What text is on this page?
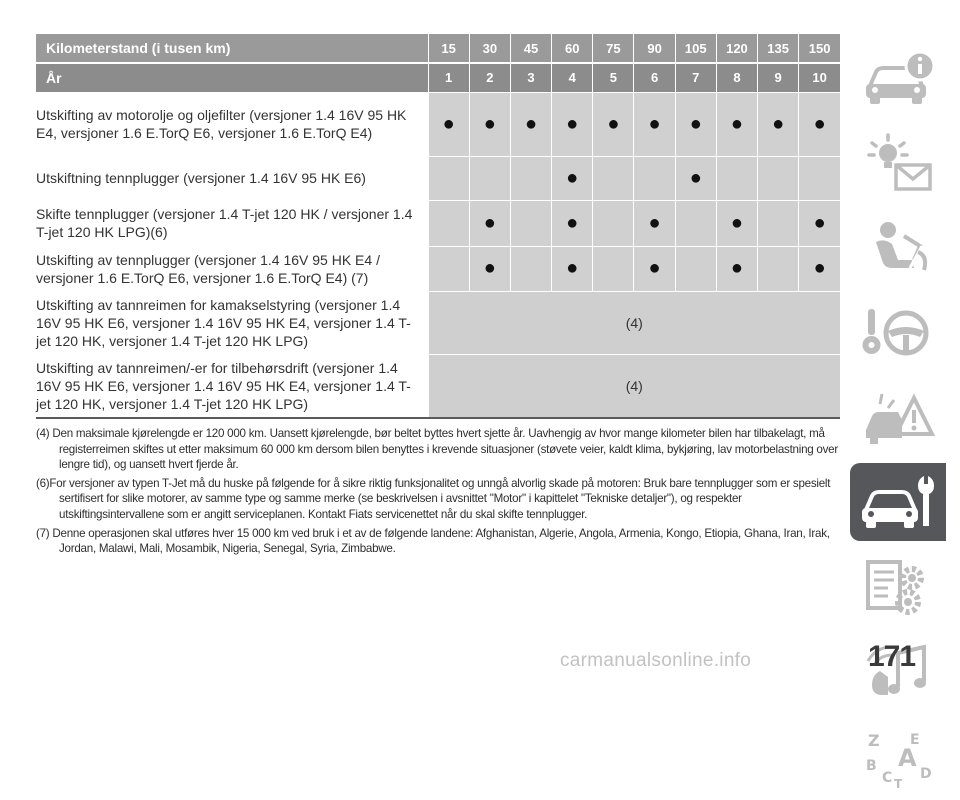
Kilometerstand (i tusen km)	15	30	45	60	75	90	105	120	135	150
År	1	2	3	4	5	6	7	8	9	10
Utskifting av motorolje og oljefilter (versjoner 1.4 16V 95 HK E4, versjoner 1.6 E.TorQ E6, versjoner 1.6 E.TorQ E4)	●	●	●	●	●	●	●	●	●	●
Utskiftning tennplugger (versjoner 1.4 16V 95 HK E6)				●			●			
Skifte tennplugger (versjoner 1.4 T-jet 120 HK / versjoner 1.4 T-jet 120 HK LPG)(6)		●		●		●		●		●
Utskifting av tennplugger (versjoner 1.4 16V 95 HK E4 / versjoner 1.6 E.TorQ E6, versjoner 1.6 E.TorQ E4) (7)		●		●		●		●		●
Utskifting av tannreimen for kamakselstyring (versjoner 1.4 16V 95 HK E6, versjoner 1.4 16V 95 HK E4, versjoner 1.4 T-jet 120 HK, versjoner 1.4 T-jet 120 HK LPG)	(4)									
Utskifting av tannreimen/-er for tilbehørsdrift (versjoner 1.4 16V 95 HK E6, versjoner 1.4 16V 95 HK E4, versjoner 1.4 T-jet 120 HK, versjoner 1.4 T-jet 120 HK LPG)	(4)									

(4) Den maksimale kjørelengde er 120 000 km. Uansett kjørelengde, bør beltet byttes hvert sjette år. Uavhengig av hvor mange kilometer bilen har tilbakelagt, må registerreimen skiftes ut etter maksimum 60 000 km dersom bilen benyttes i krevende situasjoner (støvete veier, kaldt klima, bykjøring, lav motorbelastning over lengre tid), og uansett hvert fjerde år.

(6)For versjoner av typen T-Jet må du huske på følgende for å sikre riktig funksjonalitet og unngå alvorlig skade på motoren: Bruk bare tennplugger som er spesielt sertifisert for slike motorer, av samme type og samme merke (se beskrivelsen i avsnittet "Motor" i kapittelet "Tekniske detaljer"), og respekter utskiftingsintervallene som er angitt serviceplanen. Kontakt Fiats servicenettet når du skal skifte tennplugger.

(7) Denne operasjonen skal utføres hver 15 000 km ved bruk i et av de følgende landene: Afghanistan, Algerie, Angola, Armenia, Kongo, Etiopia, Ghana, Iran, Irak, Jordan, Malawi, Mali, Mosambik, Nigeria, Senegal, Syria, Zimbabwe.

Z E
B A
C D
T
carmanualsonline.info	171
